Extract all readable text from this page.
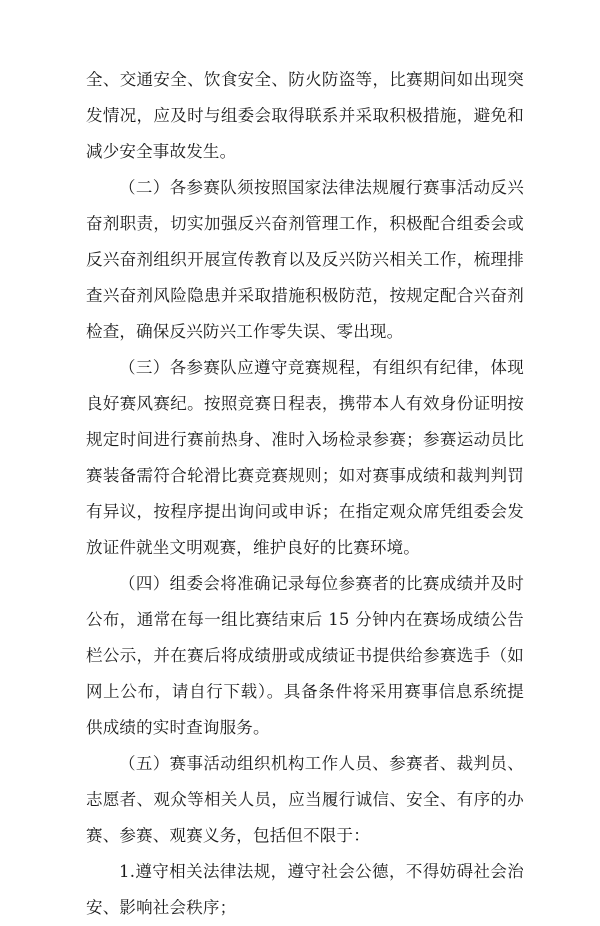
全、交通安全、饮食安全、防火防盗等，比赛期间如出现突
发情况，应及时与组委会取得联系并采取积极措施，避免和
减少安全事故发生。
（二）各参赛队须按照国家法律法规履行赛事活动反兴
奋剂职责，切实加强反兴奋剂管理工作，积极配合组委会或
反兴奋剂组织开展宣传教育以及反兴防兴相关工作，梳理排
查兴奋剂风险隐患并采取措施积极防范，按规定配合兴奋剂
检查，确保反兴防兴工作零失误、零出现。
（三）各参赛队应遵守竞赛规程，有组织有纪律，体现
良好赛风赛纪。按照竞赛日程表，携带本人有效身份证明按
规定时间进行赛前热身、准时入场检录参赛；参赛运动员比
赛装备需符合轮滑比赛竞赛规则；如对赛事成绩和裁判判罚
有异议，按程序提出询问或申诉；在指定观众席凭组委会发
放证件就坐文明观赛，维护良好的比赛环境。
（四）组委会将准确记录每位参赛者的比赛成绩并及时
公布，通常在每一组比赛结束后 15 分钟内在赛场成绩公告
栏公示，并在赛后将成绩册或成绩证书提供给参赛选手（如
网上公布，请自行下载）。具备条件将采用赛事信息系统提
供成绩的实时查询服务。
（五）赛事活动组织机构工作人员、参赛者、裁判员、
志愿者、观众等相关人员，应当履行诚信、安全、有序的办
赛、参赛、观赛义务，包括但不限于：
1.遵守相关法律法规，遵守社会公德，不得妨碍社会治
安、影响社会秩序；
